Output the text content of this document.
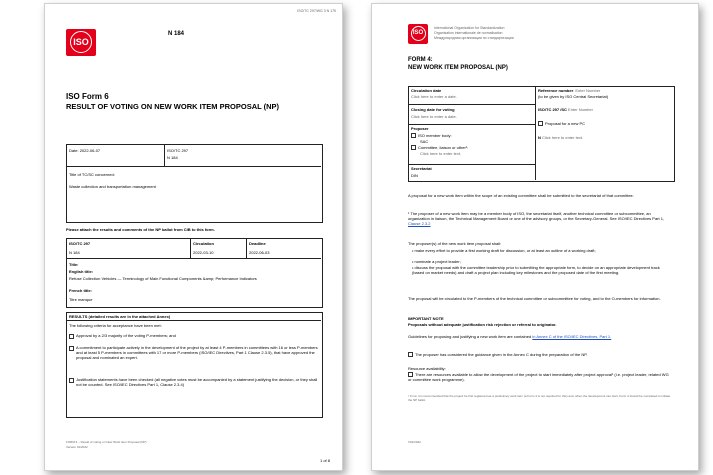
ISO/TC 297/WG 3 N 175
ISO
N 184
ISO Form 6
RESULT OF VOTING ON NEW WORK ITEM PROPOSAL (NP)
Date: 2022-06-07	ISO/TC 297
N 184
Title of TC/SC concerned:
Waste collection and transportation management
Please attach the results and comments of the NP ballot from CIB to this form.
ISO/TC 297	Circulation	Deadline
N 184	2022-03-10	2022-06-03
Title:
English title:
Refuse Collection Vehicles — Terminology of Main Functional Components &amp; Performance Indicators
French title:
Titre manque
RESULTS (detailed results are in the attached Annex)
The following criteria for acceptance have been met:
Approval by a 2/3 majority of the voting P-members; and
A commitment to participate actively in the development of the project by at least 4 P-members in committees with 16 or less P-members and at least 5 P-members in committees with 17 or more P-members (ISO/IEC Directives, Part 1 Clause 2.3.5), that have approved the proposal and nominated an expert.
Justification statements have been checked (all negative votes must be accompanied by a statement justifying the decision, or they shall not be counted. See ISO/IEC Directives Part 1, Clause 2.3.4)
FORM 6 – Result of voting on New Work Item Proposal (NP)
Version 01/2022
1 of 8
ISO
International Organization for Standardization
Organisation internationale de normalisation
Международная организация по стандартизации
FORM 4:
NEW WORK ITEM PROPOSAL (NP)
Circulation date
Click here to enter a date.
Closing date for voting
Click here to enter a date.
Proposer
ISO member body:
SAC
Committee, liaison or other¹:
Click here to enter text.
Secretariat
DIN
Reference number: Enter Number
(to be given by ISO Central Secretariat)
ISO/TC 297 /SC Enter Number
Proposal for a new PC
N Click here to enter text.
A proposal for a new work item within the scope of an existing committee shall be submitted to the secretariat of that committee.
¹ The proposer of a new work item may be a member body of ISO, the secretariat itself, another technical committee or subcommittee, an organization in liaison, the Technical Management Board or one of the advisory groups, or the Secretary-General. See ISO/IEC Directives Part 1, Clause 2.3.2
The proposer(s) of the new work item proposal shall:
• make every effort to provide a first working draft for discussion, or at least an outline of a working draft;
• nominate a project leader;
• discuss the proposal with the committee leadership prior to submitting the appropriate form, to decide on an appropriate development track (based on market needs) and draft a project plan including key milestones and the proposed date of the first meeting.
The proposal will be circulated to the P-members of the technical committee or subcommittee for voting, and to the O-members for information.
IMPORTANT NOTE
Proposals without adequate justification risk rejection or referral to originator.
Guidelines for proposing and justifying a new work item are contained in Annex C of the ISO/IEC Directives, Part 1.
The proposer has considered the guidance given in the Annex C during the preparation of the NP.
Resource availability:
There are resources available to allow the development of the project to start immediately after project approval¹ (i.e. project leader, related WG or committee work programme).
¹ If not, it is recommended that the project be first registered as a preliminary work item (a Form 4 is not required for this) and, when the development can start, Form 4 should be completed to initiate the NP ballot.
V01/2022
